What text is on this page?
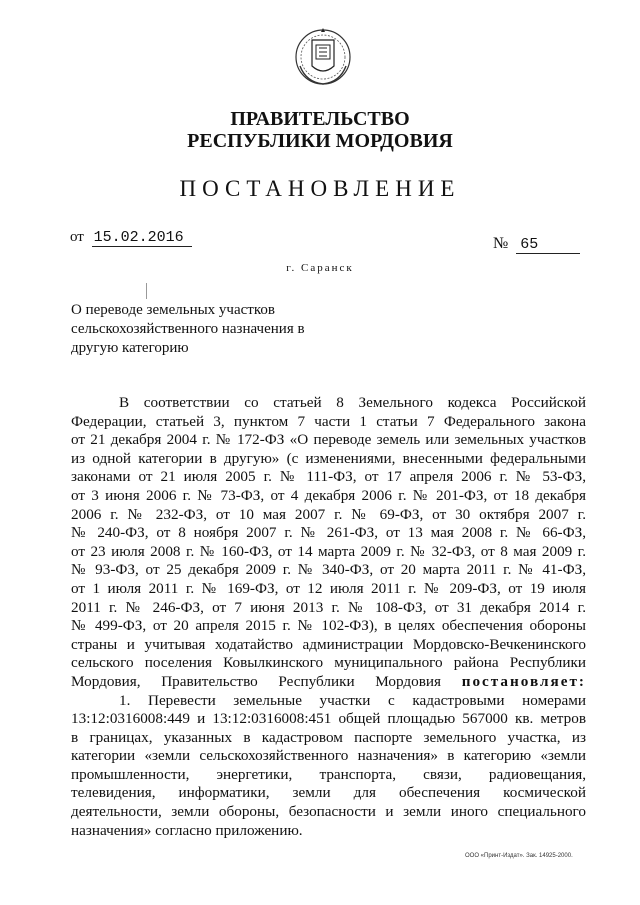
ПРАВИТЕЛЬСТВО
РЕСПУБЛИКИ МОРДОВИЯ
ПОСТАНОВЛЕНИЕ
от 15.02.2016	№ 65
г. Саранск
О переводе земельных участков
сельскохозяйственного назначения в
другую категорию
В соответствии со статьей 8 Земельного кодекса Российской
Федерации, статьей 3, пунктом 7 части 1 статьи 7 Федерального закона
от 21 декабря 2004 г. № 172-ФЗ «О переводе земель или земельных участков
из одной категории в другую» (с изменениями, внесенными федеральными
законами от 21 июля 2005 г. № 111-ФЗ, от 17 апреля 2006 г. № 53-ФЗ,
от 3 июня 2006 г. № 73-ФЗ, от 4 декабря 2006 г. № 201-ФЗ, от 18 декабря
2006 г. № 232-ФЗ, от 10 мая 2007 г. № 69-ФЗ, от 30 октября 2007 г.
№ 240-ФЗ, от 8 ноября 2007 г. № 261-ФЗ, от 13 мая 2008 г. № 66-ФЗ,
от 23 июля 2008 г. № 160-ФЗ, от 14 марта 2009 г. № 32-ФЗ, от 8 мая 2009 г.
№ 93-ФЗ, от 25 декабря 2009 г. № 340-ФЗ, от 20 марта 2011 г. № 41-ФЗ,
от 1 июля 2011 г. № 169-ФЗ, от 12 июля 2011 г. № 209-ФЗ, от 19 июля
2011 г. № 246-ФЗ, от 7 июня 2013 г. № 108-ФЗ, от 31 декабря 2014 г.
№ 499-ФЗ, от 20 апреля 2015 г. № 102-ФЗ), в целях обеспечения обороны
страны и учитывая ходатайство администрации Мордовско-Вечкенинского
сельского поселения Ковылкинского муниципального района Республики
Мордовия, Правительство Республики Мордовия постановляет:
1. Перевести земельные участки с кадастровыми номерами
13:12:0316008:449 и 13:12:0316008:451 общей площадью 567000 кв. метров
в границах, указанных в кадастровом паспорте земельного участка, из
категории «земли сельскохозяйственного назначения» в категорию «земли
промышленности, энергетики, транспорта, связи, радиовещания,
телевидения, информатики, земли для обеспечения космической
деятельности, земли обороны, безопасности и земли иного специального
назначения» согласно приложению.
ООО «Принт-Издат». Зак. 14925-2000.
